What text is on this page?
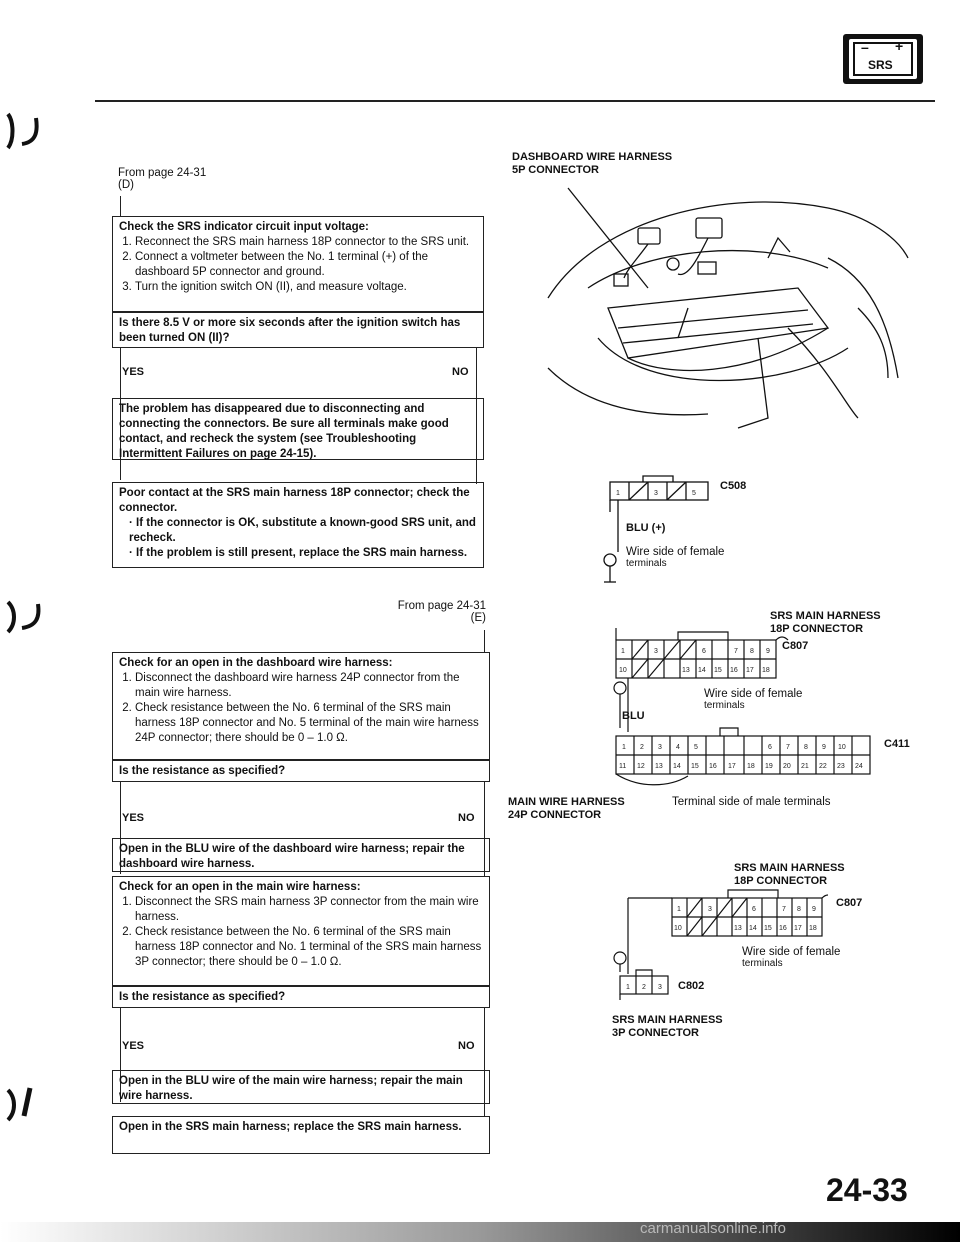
– +
SRS
From page 24-31
(D)
Check the SRS indicator circuit input voltage:
1. Reconnect the SRS main harness 18P connector to the SRS unit.
2. Connect a voltmeter between the No. 1 terminal (+) of the dashboard 5P connector and ground.
3. Turn the ignition switch ON (II), and measure voltage.
Is there 8.5 V or more six seconds after the ignition switch has been turned ON (II)?
YES	NO
The problem has disappeared due to disconnecting and connecting the connectors. Be sure all terminals make good contact, and recheck the system (see Troubleshooting Intermittent Failures on page 24-15).
Poor contact at the SRS main harness 18P connector; check the connector.
· If the connector is OK, substitute a known-good SRS unit, and recheck.
· If the problem is still present, replace the SRS main harness.
From page 24-31
(E)
Check for an open in the dashboard wire harness:
1. Disconnect the dashboard wire harness 24P connector from the main wire harness.
2. Check resistance between the No. 6 terminal of the SRS main harness 18P connector and No. 5 terminal of the main wire harness 24P connector; there should be 0 – 1.0 Ω.
Is the resistance as specified?
YES	NO
Open in the BLU wire of the dashboard wire harness; repair the dashboard wire harness.
Check for an open in the main wire harness:
1. Disconnect the SRS main harness 3P connector from the main wire harness.
2. Check resistance between the No. 6 terminal of the SRS main harness 18P connector and No. 1 terminal of the SRS main harness 3P connector; there should be 0 – 1.0 Ω.
Is the resistance as specified?
YES	NO
Open in the BLU wire of the main wire harness; repair the main wire harness.
Open in the SRS main harness; replace the SRS main harness.
DASHBOARD WIRE HARNESS
5P CONNECTOR
1	3	5
C508
BLU (+)
Wire side of female
terminals
SRS MAIN HARNESS
18P CONNECTOR
1	3	6	7 8 9
10	13 14 15 16 17 18
1 2 3 4 5	6 7 8 9 10
11 12 13 14 15 16 17 18 19 20 21 22 23 24
C807
Wire side of female
terminals
BLU
C411
MAIN WIRE HARNESS
24P CONNECTOR
Terminal side of male terminals
SRS MAIN HARNESS
18P CONNECTOR
1	3	6	7 8 9
10	13 14 15 16 17 18
1 2 3
C807
Wire side of female
terminals
C802
SRS MAIN HARNESS
3P CONNECTOR
24-33
carmanualsonline.info
